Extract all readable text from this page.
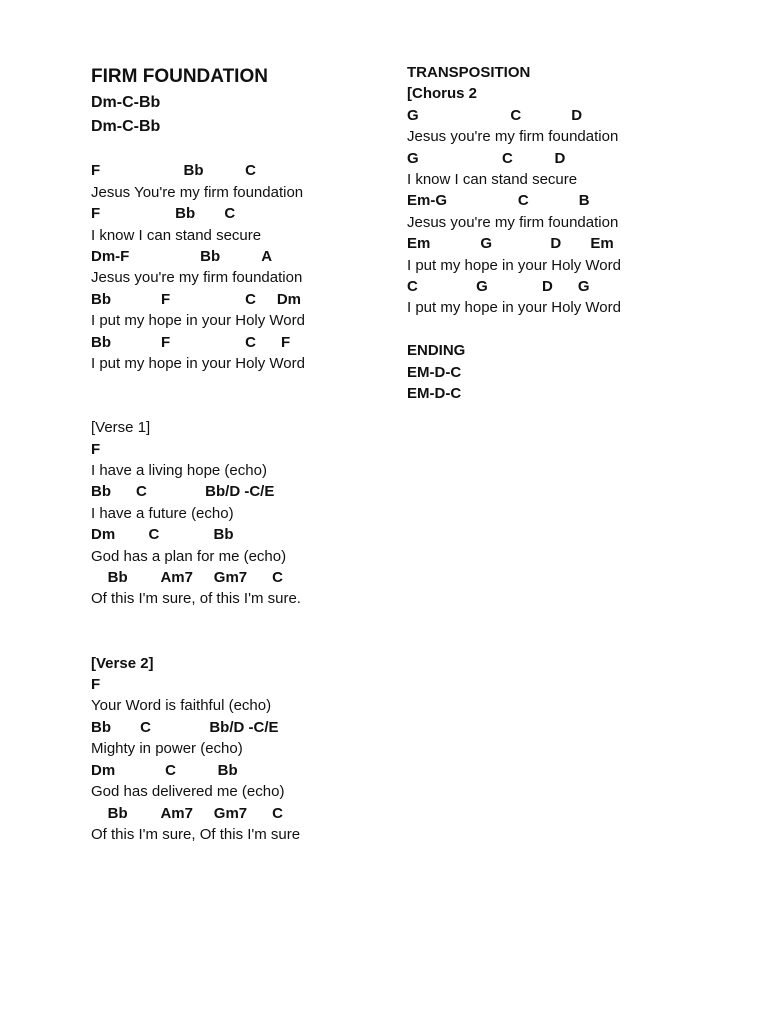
FIRM FOUNDATION
Dm-C-Bb
Dm-C-Bb
F                    Bb          C
Jesus You're my firm foundation
F                  Bb       C
I know I can stand secure
Dm-F                 Bb          A
Jesus you're my firm foundation
Bb            F                  C     Dm
I put my hope in your Holy Word
Bb            F                  C      F
I put my hope in your Holy Word
[Verse 1]
F
I have a living hope (echo)
Bb      C              Bb/D -C/E
I have a future (echo)
Dm        C             Bb
God has a plan for me (echo)
Bb        Am7     Gm7      C
Of this I'm sure, of this I'm sure.
[Verse 2]
F
Your Word is faithful (echo)
Bb       C              Bb/D -C/E
Mighty in power (echo)
Dm            C          Bb
God has delivered me (echo)
Bb        Am7     Gm7      C
Of this I'm sure, Of this I'm sure
TRANSPOSITION
[Chorus 2
G                      C            D
Jesus you're my firm foundation
G                    C          D
I know I can stand secure
Em-G                 C            B
Jesus you're my firm foundation
Em            G              D       Em
I put my hope in your Holy Word
C              G             D      G
I put my hope in your Holy Word
ENDING
EM-D-C
EM-D-C
